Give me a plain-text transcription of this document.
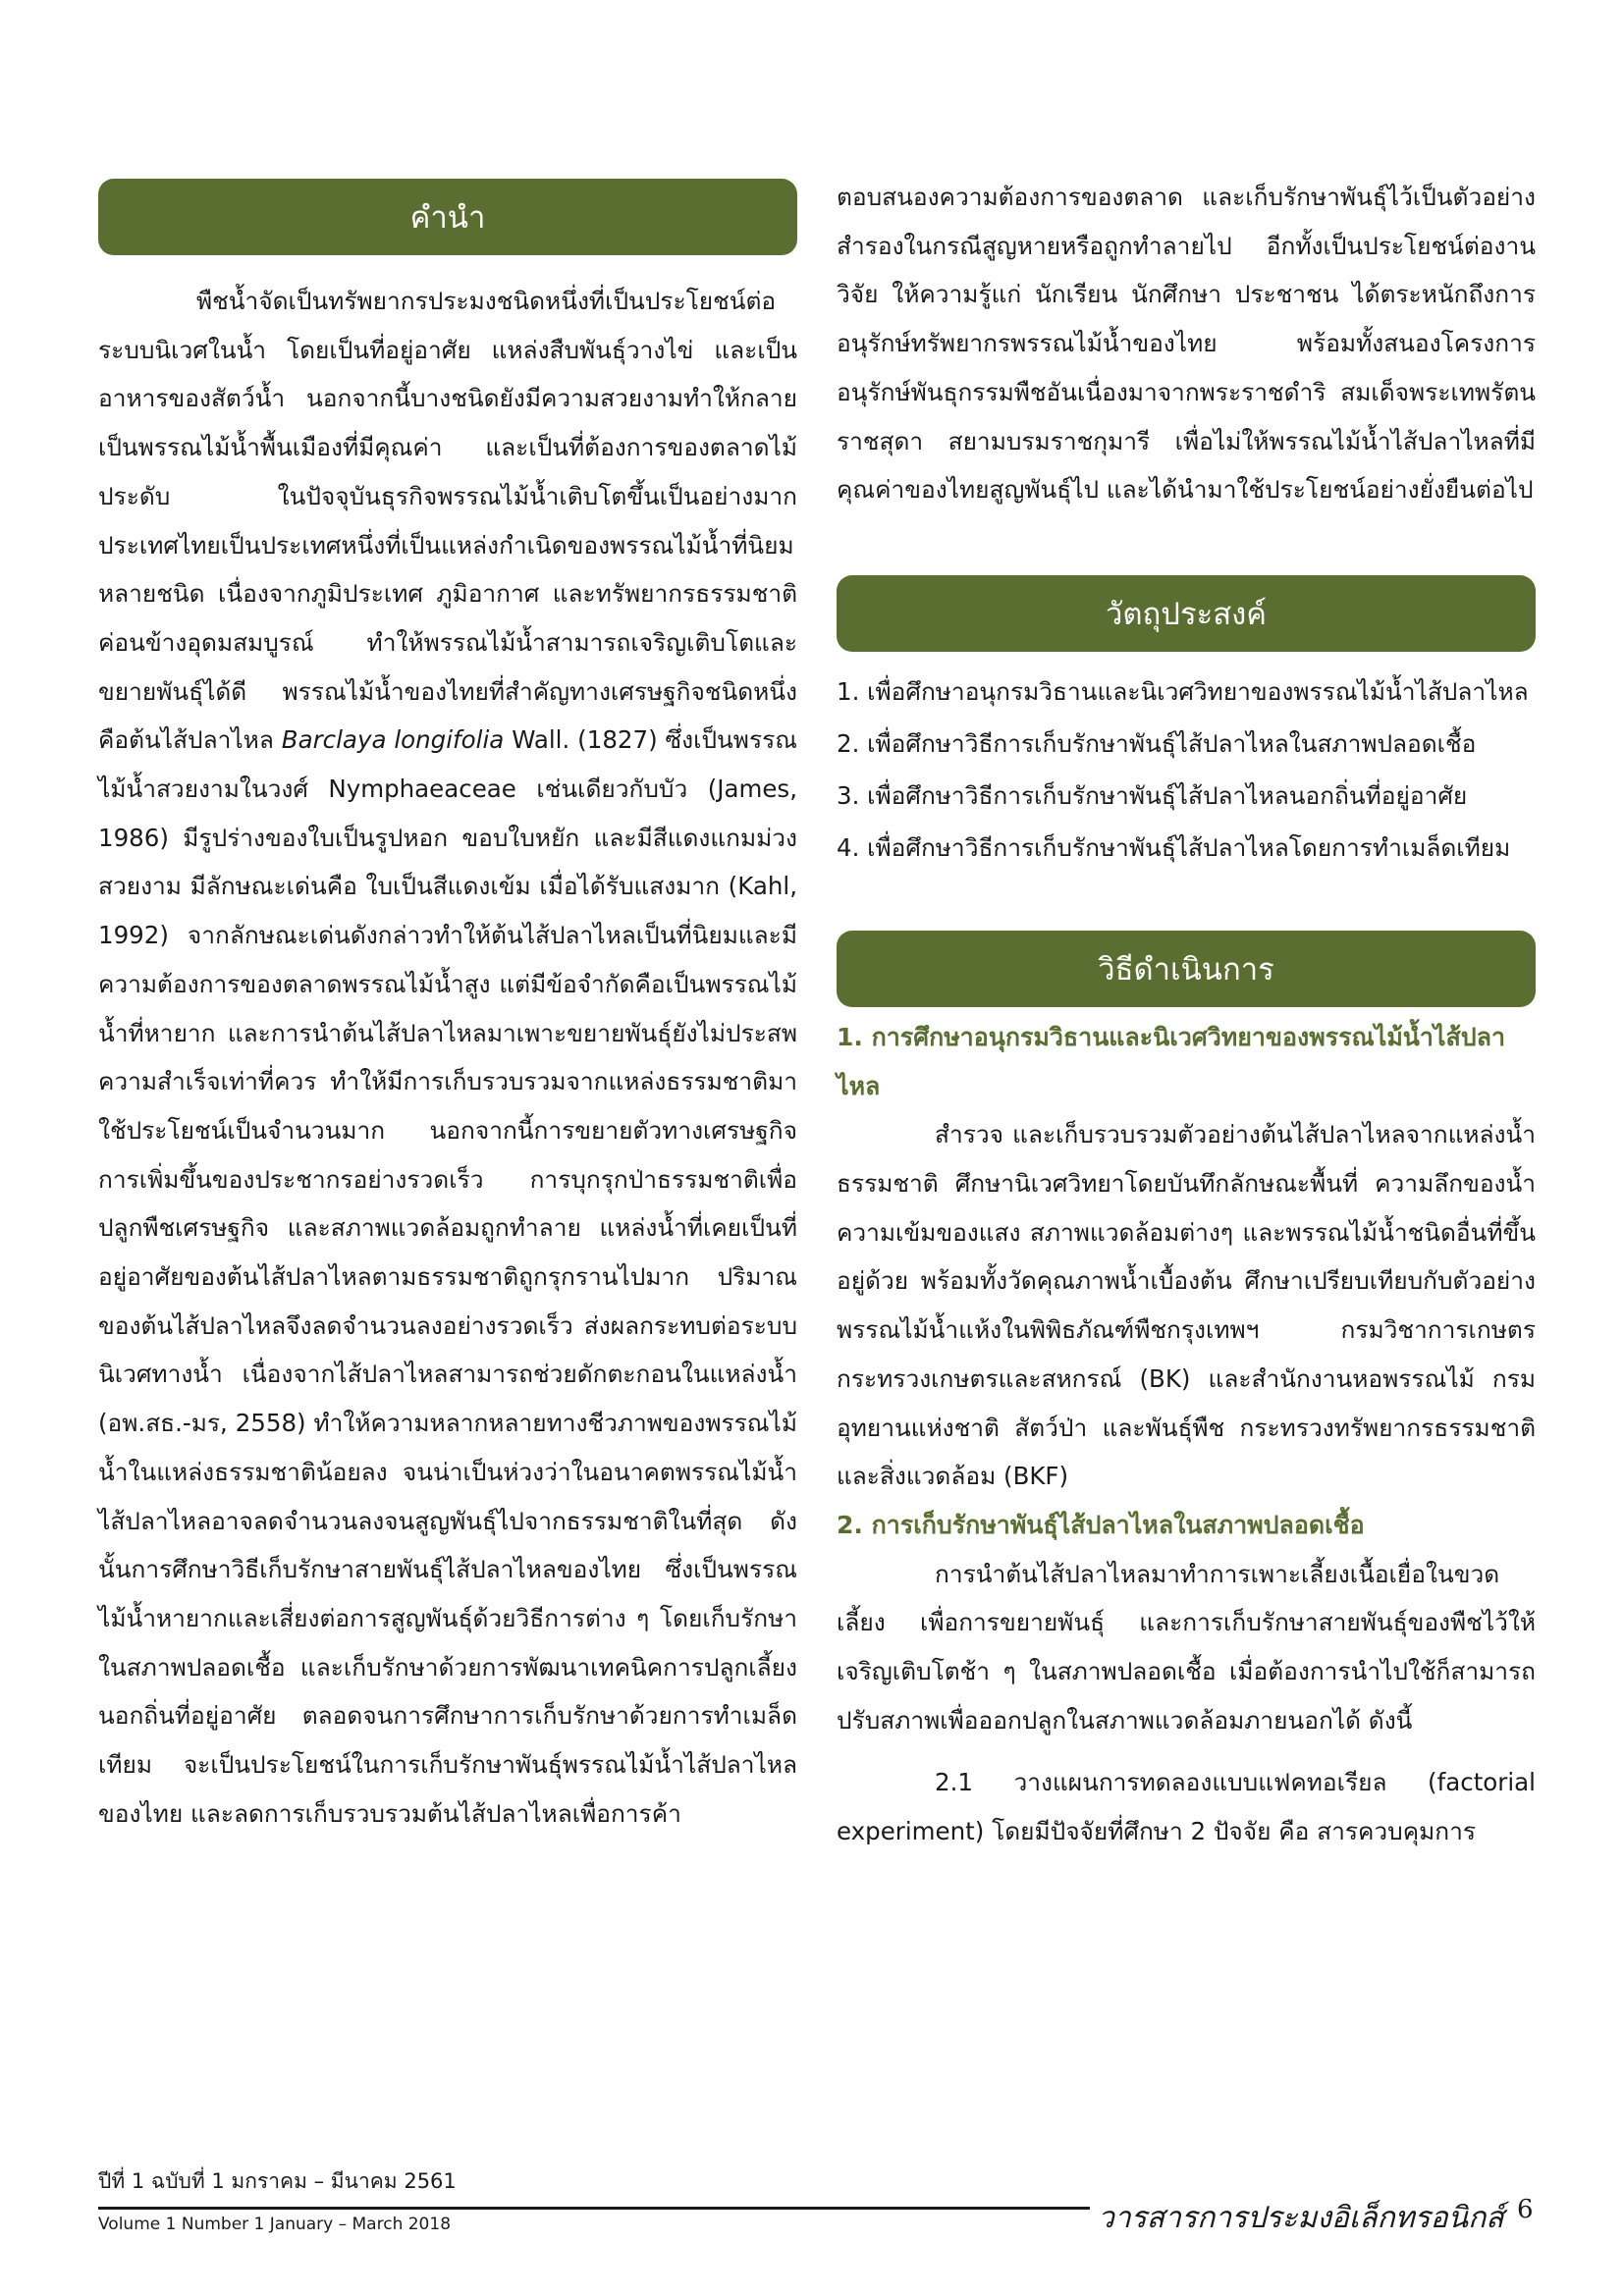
คำนำ

พืชน้ำจัดเป็นทรัพยากรประมงชนิดหนึ่งที่เป็นประโยชน์ต่อระบบนิเวศในน้ำ โดยเป็นที่อยู่อาศัย แหล่งสืบพันธุ์วางไข่ และเป็นอาหารของสัตว์น้ำ นอกจากนี้บางชนิดยังมีความสวยงามทำให้กลายเป็นพรรณไม้น้ำพื้นเมืองที่มีคุณค่า และเป็นที่ต้องการของตลาดไม้ประดับ ในปัจจุบันธุรกิจพรรณไม้น้ำเติบโตขึ้นเป็นอย่างมาก ประเทศไทยเป็นประเทศหนึ่งที่เป็นแหล่งกำเนิดของพรรณไม้น้ำที่นิยมหลายชนิด เนื่องจากภูมิประเทศ ภูมิอากาศ และทรัพยากรธรรมชาติค่อนข้างอุดมสมบูรณ์ ทำให้พรรณไม้น้ำสามารถเจริญเติบโตและขยายพันธุ์ได้ดี พรรณไม้น้ำของไทยที่สำคัญทางเศรษฐกิจชนิดหนึ่งคือต้นไส้ปลาไหล Barclaya longifolia Wall. (1827) ซึ่งเป็นพรรณไม้น้ำสวยงามในวงศ์ Nymphaeaceae เช่นเดียวกับบัว (James, 1986) มีรูปร่างของใบเป็นรูปหอก ขอบใบหยัก และมีสีแดงแกมม่วงสวยงาม มีลักษณะเด่นคือ ใบเป็นสีแดงเข้ม เมื่อได้รับแสงมาก (Kahl, 1992) จากลักษณะเด่นดังกล่าวทำให้ต้นไส้ปลาไหลเป็นที่นิยมและมีความต้องการของตลาดพรรณไม้น้ำสูง แต่มีข้อจำกัดคือเป็นพรรณไม้น้ำที่หายาก และการนำต้นไส้ปลาไหลมาเพาะขยายพันธุ์ยังไม่ประสพความสำเร็จเท่าที่ควร ทำให้มีการเก็บรวบรวมจากแหล่งธรรมชาติมาใช้ประโยชน์เป็นจำนวนมาก นอกจากนี้การขยายตัวทางเศรษฐกิจ การเพิ่มขึ้นของประชากรอย่างรวดเร็ว การบุกรุกป่าธรรมชาติเพื่อปลูกพืชเศรษฐกิจ และสภาพแวดล้อมถูกทำลาย แหล่งน้ำที่เคยเป็นที่อยู่อาศัยของต้นไส้ปลาไหลตามธรรมชาติถูกรุกรานไปมาก ปริมาณของต้นไส้ปลาไหลจึงลดจำนวนลงอย่างรวดเร็ว ส่งผลกระทบต่อระบบนิเวศทางน้ำ เนื่องจากไส้ปลาไหลสามารถช่วยดักตะกอนในแหล่งน้ำ (อพ.สธ.-มร, 2558) ทำให้ความหลากหลายทางชีวภาพของพรรณไม้น้ำในแหล่งธรรมชาติน้อยลง จนน่าเป็นห่วงว่าในอนาคตพรรณไม้น้ำไส้ปลาไหลอาจลดจำนวนลงจนสูญพันธุ์ไปจากธรรมชาติในที่สุด ดังนั้นการศึกษาวิธีเก็บรักษาสายพันธุ์ไส้ปลาไหลของไทย ซึ่งเป็นพรรณไม้น้ำหายากและเสี่ยงต่อการสูญพันธุ์ด้วยวิธีการต่าง ๆ โดยเก็บรักษาในสภาพปลอดเชื้อ และเก็บรักษาด้วยการพัฒนาเทคนิคการปลูกเลี้ยงนอกถิ่นที่อยู่อาศัย ตลอดจนการศึกษาการเก็บรักษาด้วยการทำเมล็ดเทียม จะเป็นประโยชน์ในการเก็บรักษาพันธุ์พรรณไม้น้ำไส้ปลาไหลของไทย และลดการเก็บรวบรวมต้นไส้ปลาไหลเพื่อการค้า

ตอบสนองความต้องการของตลาด และเก็บรักษาพันธุ์ไว้เป็นตัวอย่างสำรองในกรณีสูญหายหรือถูกทำลายไป อีกทั้งเป็นประโยชน์ต่องานวิจัย ให้ความรู้แก่ นักเรียน นักศึกษา ประชาชน ได้ตระหนักถึงการอนุรักษ์ทรัพยากรพรรณไม้น้ำของไทย พร้อมทั้งสนองโครงการอนุรักษ์พันธุกรรมพืชอันเนื่องมาจากพระราชดำริ สมเด็จพระเทพรัตนราชสุดา สยามบรมราชกุมารี เพื่อไม่ให้พรรณไม้น้ำไส้ปลาไหลที่มีคุณค่าของไทยสูญพันธุ์ไป และได้นำมาใช้ประโยชน์อย่างยั่งยืนต่อไป

วัตถุประสงค์
1. เพื่อศึกษาอนุกรมวิธานและนิเวศวิทยาของพรรณไม้น้ำไส้ปลาไหล
2. เพื่อศึกษาวิธีการเก็บรักษาพันธุ์ไส้ปลาไหลในสภาพปลอดเชื้อ
3. เพื่อศึกษาวิธีการเก็บรักษาพันธุ์ไส้ปลาไหลนอกถิ่นที่อยู่อาศัย
4. เพื่อศึกษาวิธีการเก็บรักษาพันธุ์ไส้ปลาไหลโดยการทำเมล็ดเทียม
วิธีดำเนินการ

1. การศึกษาอนุกรมวิธานและนิเวศวิทยาของพรรณไม้น้ำไส้ปลาไหล

สำรวจ และเก็บรวบรวมตัวอย่างต้นไส้ปลาไหลจากแหล่งน้ำธรรมชาติ ศึกษานิเวศวิทยาโดยบันทึกลักษณะพื้นที่ ความลึกของน้ำ ความเข้มของแสง สภาพแวดล้อมต่างๆ และพรรณไม้น้ำชนิดอื่นที่ขึ้นอยู่ด้วย พร้อมทั้งวัดคุณภาพน้ำเบื้องต้น ศึกษาเปรียบเทียบกับตัวอย่างพรรณไม้น้ำแห้งในพิพิธภัณฑ์พืชกรุงเทพฯ กรมวิชาการเกษตร กระทรวงเกษตรและสหกรณ์ (BK) และสำนักงานหอพรรณไม้ กรมอุทยานแห่งชาติ สัตว์ป่า และพันธุ์พืช กระทรวงทรัพยากรธรรมชาติและสิ่งแวดล้อม (BKF)

2. การเก็บรักษาพันธุ์ไส้ปลาไหลในสภาพปลอดเชื้อ

การนำต้นไส้ปลาไหลมาทำการเพาะเลี้ยงเนื้อเยื่อในขวดเลี้ยง เพื่อการขยายพันธุ์ และการเก็บรักษาสายพันธุ์ของพืชไว้ให้เจริญเติบโตช้า ๆ ในสภาพปลอดเชื้อ เมื่อต้องการนำไปใช้ก็สามารถปรับสภาพเพื่อออกปลูกในสภาพแวดล้อมภายนอกได้ ดังนี้

2.1 วางแผนการทดลองแบบแฟคทอเรียล (factorial experiment) โดยมีปัจจัยที่ศึกษา 2 ปัจจัย คือ สารควบคุมการ

ปีที่ 1 ฉบับที่ 1 มกราคม – มีนาคม 2561
Volume 1 Number 1 January – March 2018	วารสารการประมงอิเล็กทรอนิกส์ 6
